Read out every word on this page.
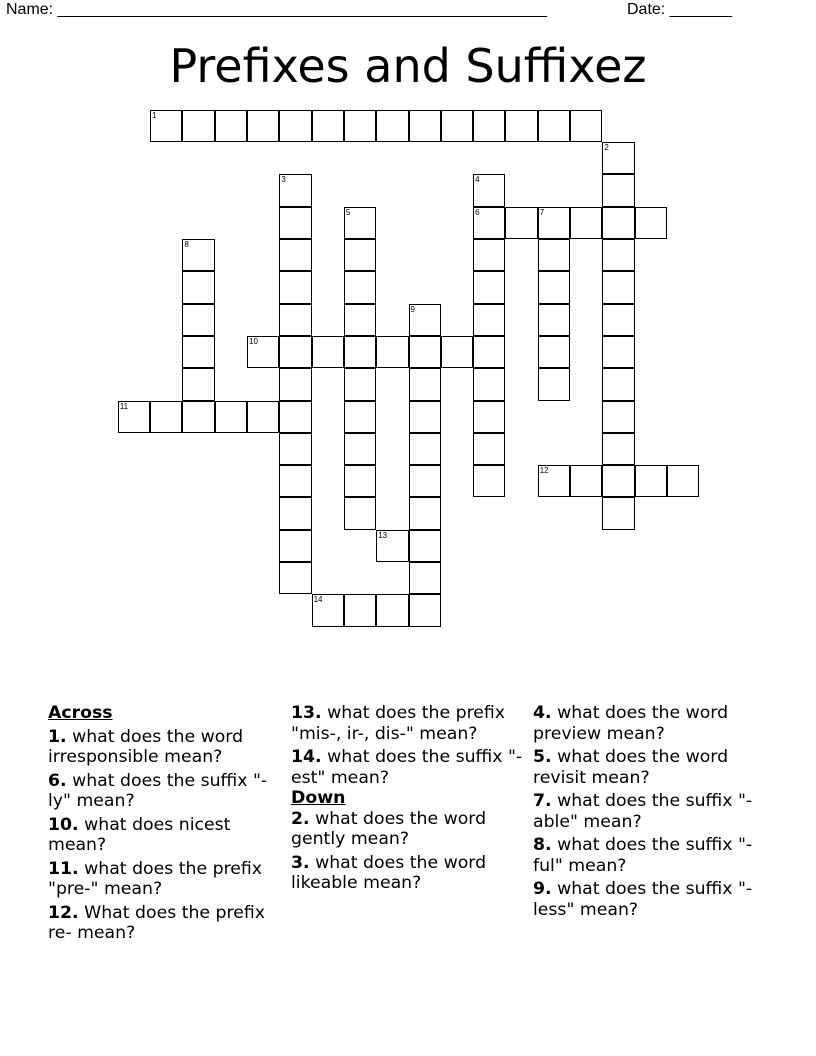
Name: _______________________________________________________	Date: _______
Prefixes and Suffixez
1
2
3	4
6
5	7
8
9
10
11
12
13
14
Across
1. what does the word irresponsible mean?
6. what does the suffix "-ly" mean?
10. what does nicest mean?
11. what does the prefix "pre-" mean?
12. What does the prefix re- mean?
13. what does the prefix "mis-, ir-, dis-" mean?
14. what does the suffix "-est" mean?
Down
2. what does the word gently mean?
3. what does the word likeable mean?
4. what does the word preview mean?
5. what does the word revisit mean?
7. what does the suffix "-able" mean?
8. what does the suffix "-ful" mean?
9. what does the suffix "-less" mean?
